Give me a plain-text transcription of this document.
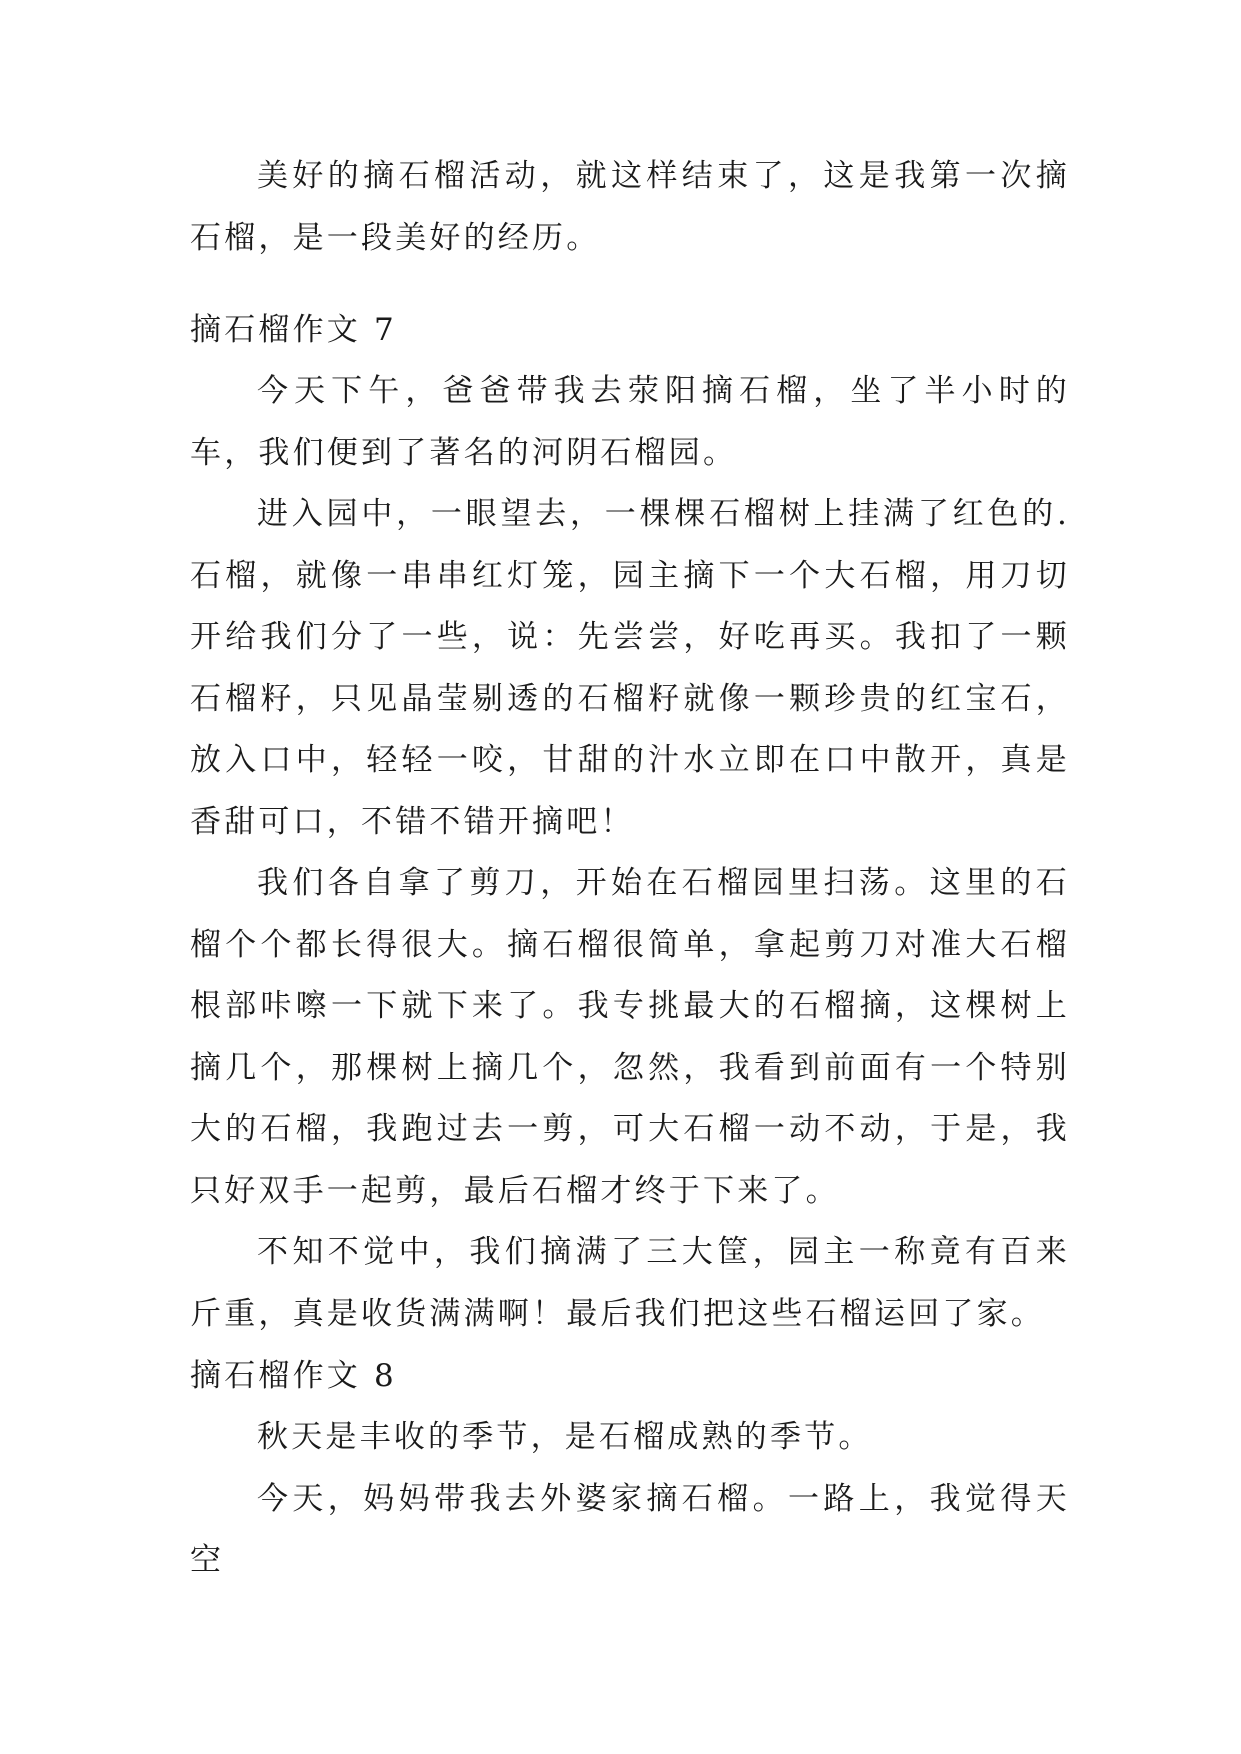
美好的摘石榴活动，就这样结束了，这是我第一次摘石榴，是一段美好的经历。

摘石榴作文 7

今天下午，爸爸带我去荥阳摘石榴，坐了半小时的车，我们便到了著名的河阴石榴园。

进入园中，一眼望去，一棵棵石榴树上挂满了红色的.石榴，就像一串串红灯笼，园主摘下一个大石榴，用刀切开给我们分了一些，说：先尝尝，好吃再买。我扣了一颗石榴籽，只见晶莹剔透的石榴籽就像一颗珍贵的红宝石，放入口中，轻轻一咬，甘甜的汁水立即在口中散开，真是香甜可口，不错不错开摘吧！

我们各自拿了剪刀，开始在石榴园里扫荡。这里的石榴个个都长得很大。摘石榴很简单，拿起剪刀对准大石榴根部咔嚓一下就下来了。我专挑最大的石榴摘，这棵树上摘几个，那棵树上摘几个，忽然，我看到前面有一个特别大的石榴，我跑过去一剪，可大石榴一动不动，于是，我只好双手一起剪，最后石榴才终于下来了。

不知不觉中，我们摘满了三大筐，园主一称竟有百来斤重，真是收货满满啊！最后我们把这些石榴运回了家。

摘石榴作文 8

秋天是丰收的季节，是石榴成熟的季节。

今天，妈妈带我去外婆家摘石榴。一路上，我觉得天空
